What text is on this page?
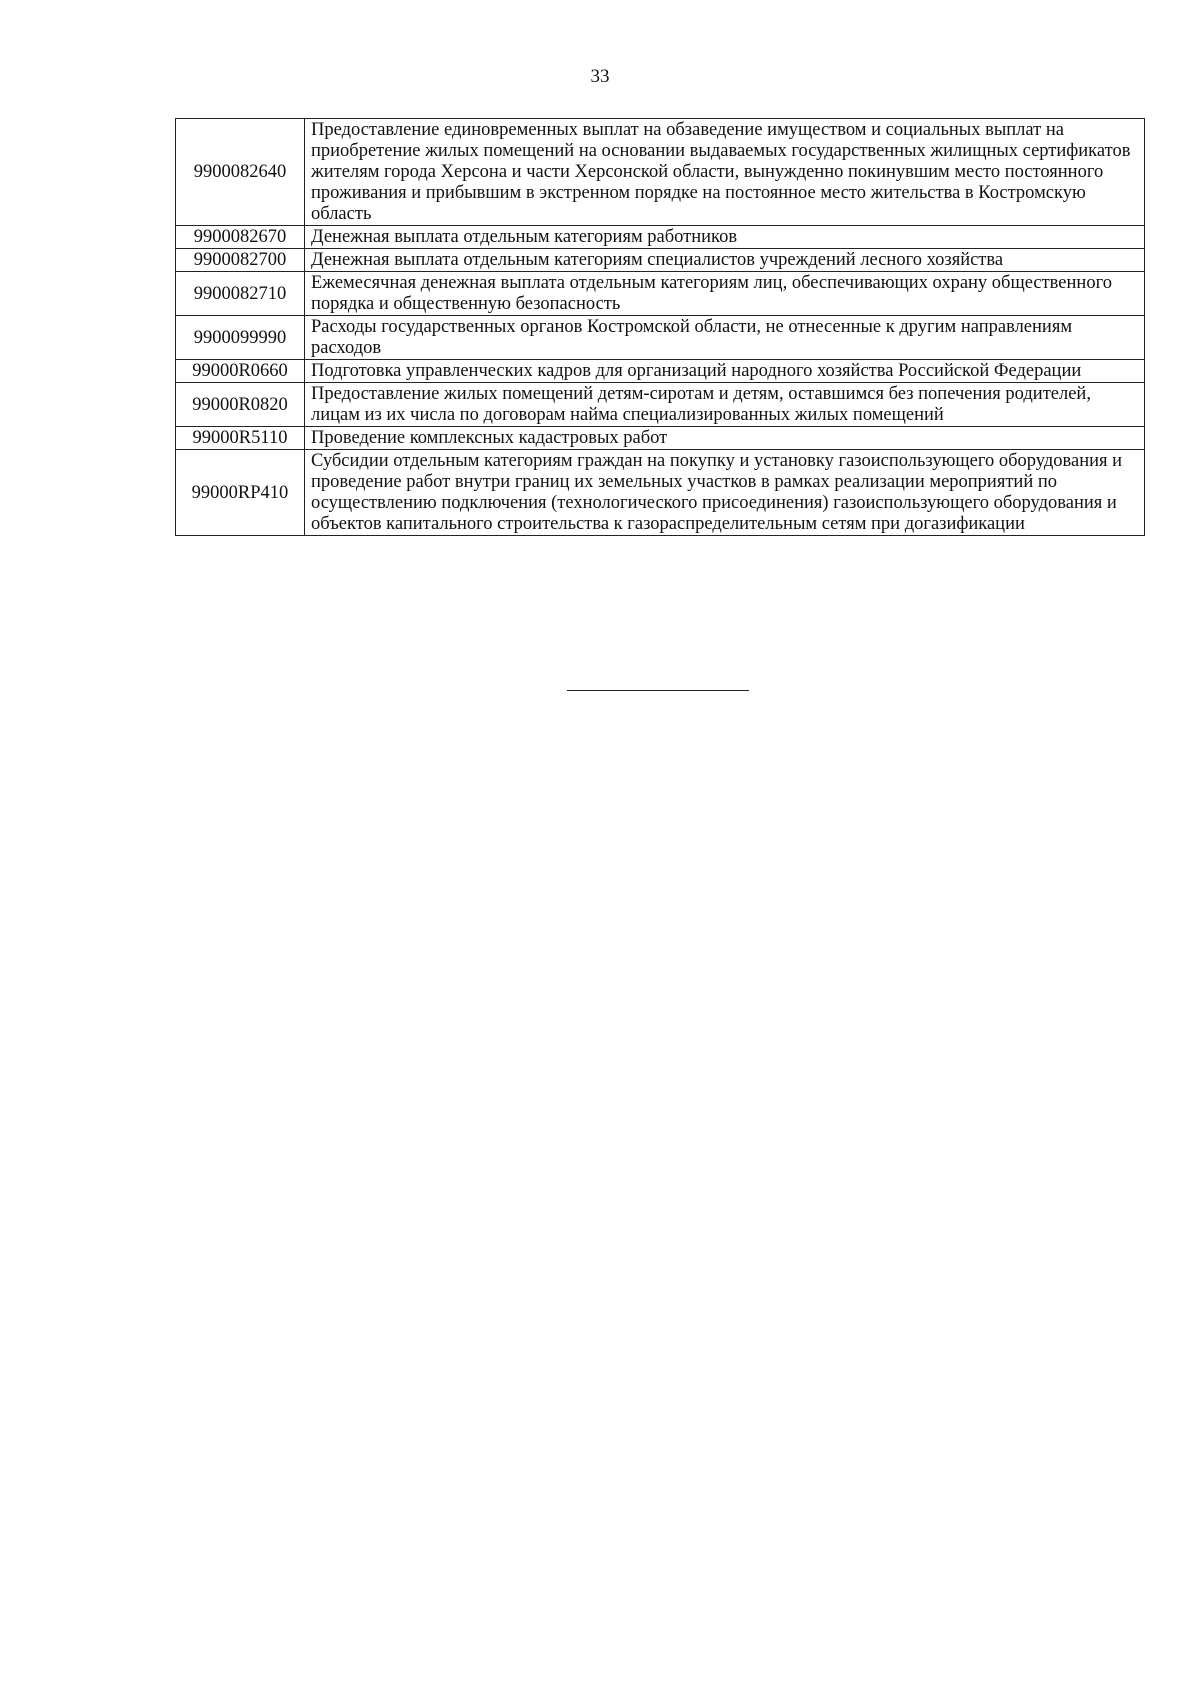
33
9900082640	Предоставление единовременных выплат на обзаведение имуществом и социальных выплат на приобретение жилых помещений на основании выдаваемых государственных жилищных сертификатов жителям города Херсона и части Херсонской области, вынужденно покинувшим место постоянного проживания и прибывшим в экстренном порядке на постоянное место жительства в Костромскую область
9900082670	Денежная выплата отдельным категориям работников
9900082700	Денежная выплата отдельным категориям специалистов учреждений лесного хозяйства
9900082710	Ежемесячная денежная выплата отдельным категориям лиц, обеспечивающих охрану общественного порядка и общественную безопасность
9900099990	Расходы государственных органов Костромской области, не отнесенные к другим направлениям расходов
99000R0660	Подготовка управленческих кадров для организаций народного хозяйства Российской Федерации
99000R0820	Предоставление жилых помещений детям-сиротам и детям, оставшимся без попечения родителей, лицам из их числа по договорам найма специализированных жилых помещений
99000R5110	Проведение комплексных кадастровых работ
99000RP410	Субсидии отдельным категориям граждан на покупку и установку газоиспользующего оборудования и проведение работ внутри границ их земельных участков в рамках реализации мероприятий по осуществлению подключения (технологического присоединения) газоиспользующего оборудования и объектов капитального строительства к газораспределительным сетям при догазификации
